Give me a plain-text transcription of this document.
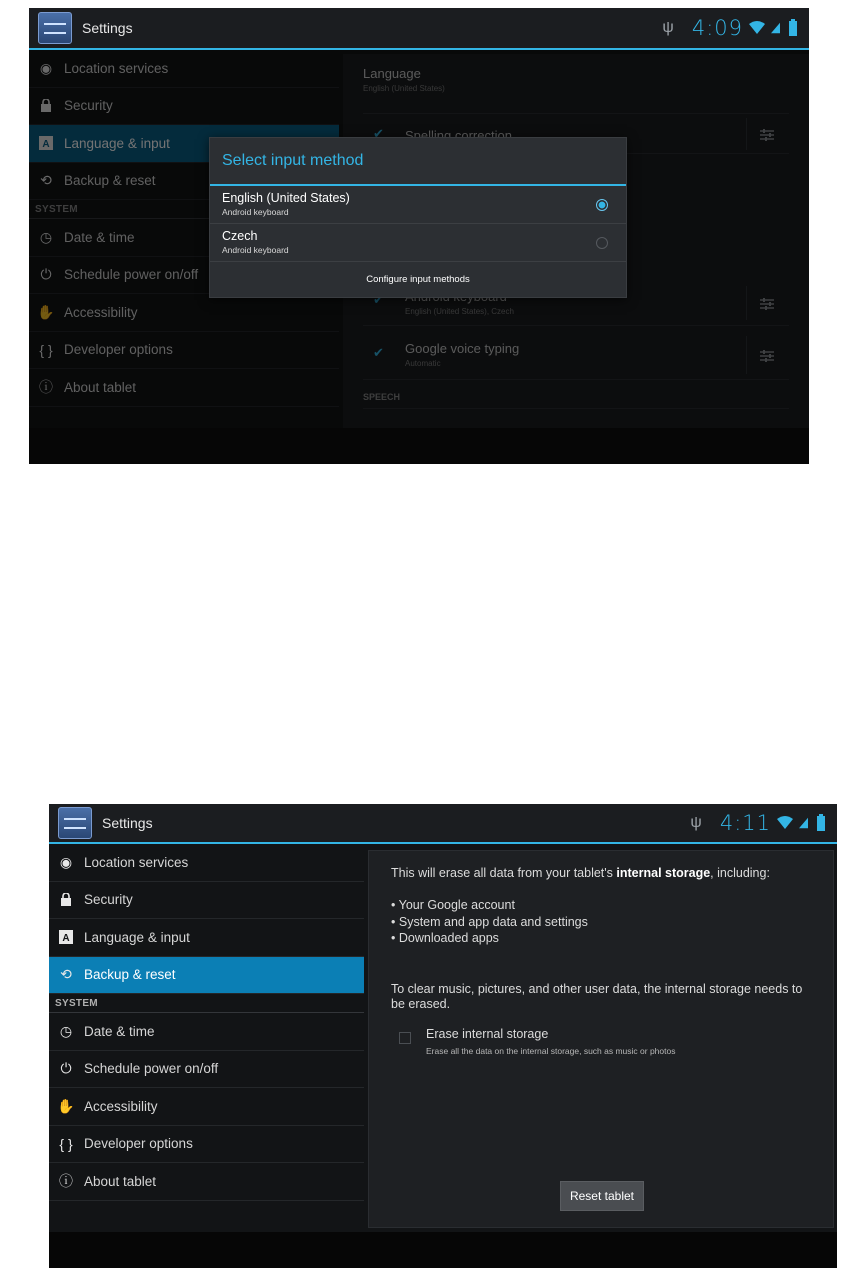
Settings	ψ 4:09
Select input method
English (United States)
Android keyboard
Czech
Android keyboard
Configure input methods
Settings	ψ 4:11
◉ Location services
Security
A Language & input
⟲ Backup & reset
SYSTEM
◷ Date & time
⏻ Schedule power on/off
✋ Accessibility
{ } Developer options
ⓘ About tablet
This will erase all data from your tablet's internal storage, including:
• Your Google account
• System and app data and settings
• Downloaded apps
To clear music, pictures, and other user data, the internal storage needs to be erased.
Erase internal storage
Erase all the data on the internal storage, such as music or photos
Reset tablet
